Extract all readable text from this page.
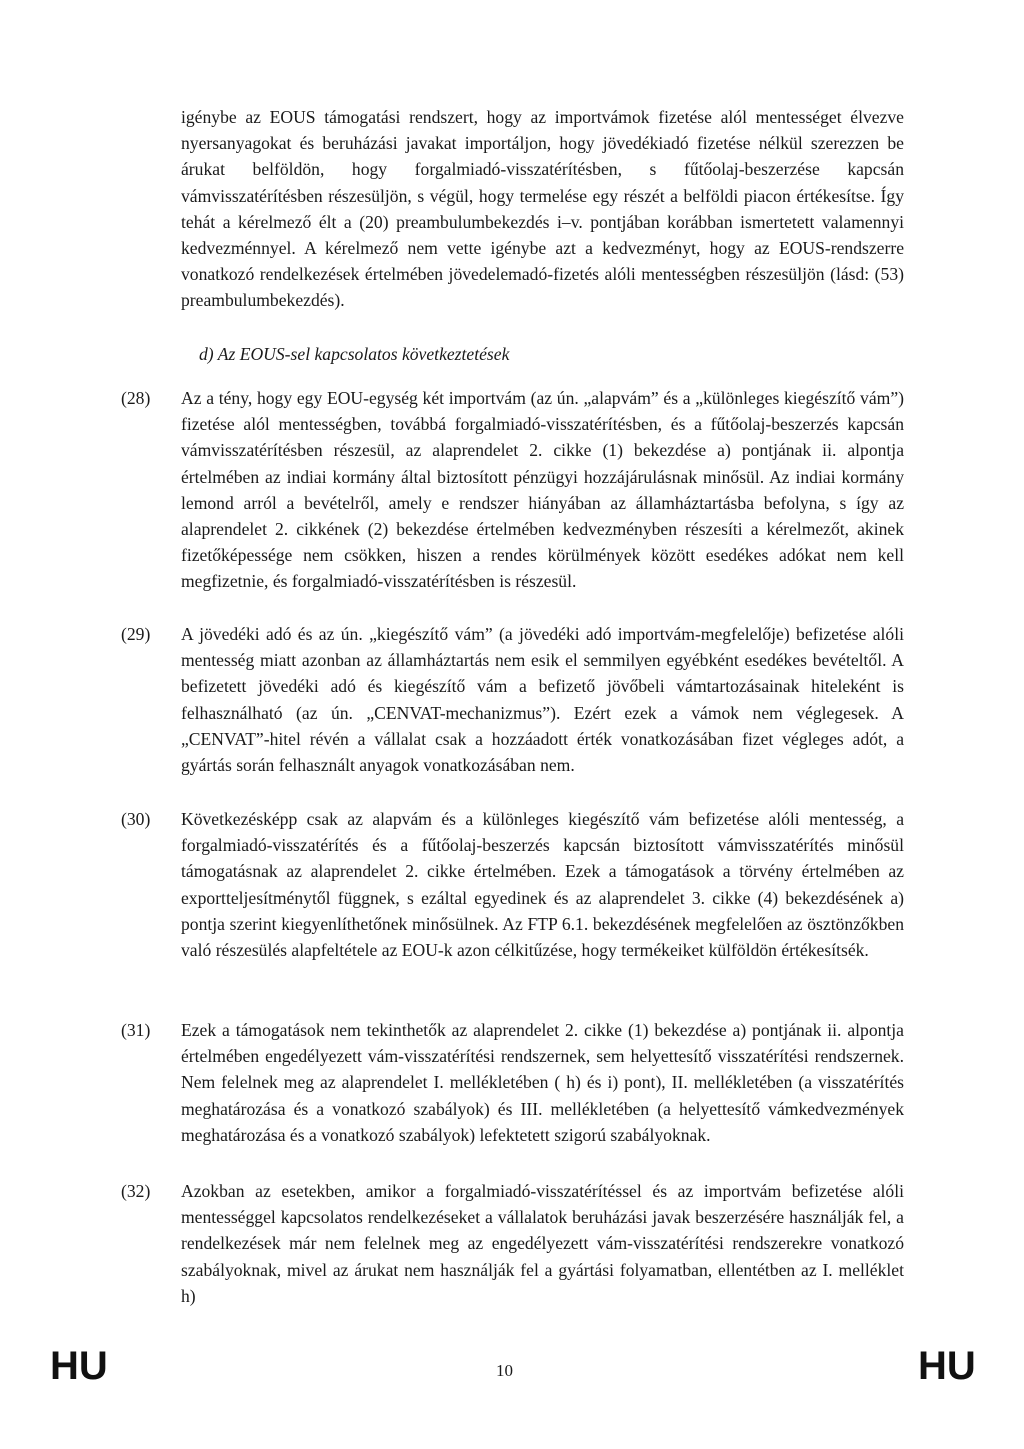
igénybe az EOUS támogatási rendszert, hogy az importvámok fizetése alól mentességet élvezve nyersanyagokat és beruházási javakat importáljon, hogy jövedékiadó fizetése nélkül szerezzen be árukat belföldön, hogy forgalmiadó-visszatérítésben, s fűtőolaj-beszerzése kapcsán vámvisszatérítésben részesüljön, s végül, hogy termelése egy részét a belföldi piacon értékesítse. Így tehát a kérelmező élt a (20) preambulumbekezdés i–v. pontjában korábban ismertetett valamennyi kedvezménnyel. A kérelmező nem vette igénybe azt a kedvezményt, hogy az EOUS-rendszerre vonatkozó rendelkezések értelmében jövedelemadó-fizetés alóli mentességben részesüljön (lásd: (53) preambulumbekezdés).
d) Az EOUS-sel kapcsolatos következtetések
(28) Az a tény, hogy egy EOU-egység két importvám (az ún. „alapvám” és a „különleges kiegészítő vám”) fizetése alól mentességben, továbbá forgalmiadó-visszatérítésben, és a fűtőolaj-beszerzés kapcsán vámvisszatérítésben részesül, az alaprendelet 2. cikke (1) bekezdése a) pontjának ii. alpontja értelmében az indiai kormány által biztosított pénzügyi hozzájárulásnak minősül. Az indiai kormány lemond arról a bevételről, amely e rendszer hiányában az államháztartásba befolyna, s így az alaprendelet 2. cikkének (2) bekezdése értelmében kedvezményben részesíti a kérelmezőt, akinek fizetőképessége nem csökken, hiszen a rendes körülmények között esedékes adókat nem kell megfizetnie, és forgalmiadó-visszatérítésben is részesül.
(29) A jövedéki adó és az ún. „kiegészítő vám” (a jövedéki adó importvám-megfelelője) befizetése alóli mentesség miatt azonban az államháztartás nem esik el semmilyen egyébként esedékes bevételtől. A befizetett jövedéki adó és kiegészítő vám a befizető jövőbeli vámtartozásainak hiteleként is felhasználható (az ún. „CENVAT-mechanizmus”). Ezért ezek a vámok nem véglegesek. A „CENVAT”-hitel révén a vállalat csak a hozzáadott érték vonatkozásában fizet végleges adót, a gyártás során felhasznált anyagok vonatkozásában nem.
(30) Következésképp csak az alapvám és a különleges kiegészítő vám befizetése alóli mentesség, a forgalmiadó-visszatérítés és a fűtőolaj-beszerzés kapcsán biztosított vámvisszatérítés minősül támogatásnak az alaprendelet 2. cikke értelmében. Ezek a támogatások a törvény értelmében az exportteljesítménytől függnek, s ezáltal egyedinek és az alaprendelet 3. cikke (4) bekezdésének a) pontja szerint kiegyenlíthetőnek minősülnek. Az FTP 6.1. bekezdésének megfelelően az ösztönzőkben való részesülés alapfeltétele az EOU-k azon célkitűzése, hogy termékeiket külföldön értékesítsék.
(31) Ezek a támogatások nem tekinthetők az alaprendelet 2. cikke (1) bekezdése a) pontjának ii. alpontja értelmében engedélyezett vám-visszatérítési rendszernek, sem helyettesítő visszatérítési rendszernek. Nem felelnek meg az alaprendelet I. mellékletében ( h) és i) pont), II. mellékletében (a visszatérítés meghatározása és a vonatkozó szabályok) és III. mellékletében (a helyettesítő vámkedvezmények meghatározása és a vonatkozó szabályok) lefektetett szigorú szabályoknak.
(32) Azokban az esetekben, amikor a forgalmiadó-visszatérítéssel és az importvám befizetése alóli mentességgel kapcsolatos rendelkezéseket a vállalatok beruházási javak beszerzésére használják fel, a rendelkezések már nem felelnek meg az engedélyezett vám-visszatérítési rendszerekre vonatkozó szabályoknak, mivel az árukat nem használják fel a gyártási folyamatban, ellentétben az I. melléklet h)
HU	10	HU
